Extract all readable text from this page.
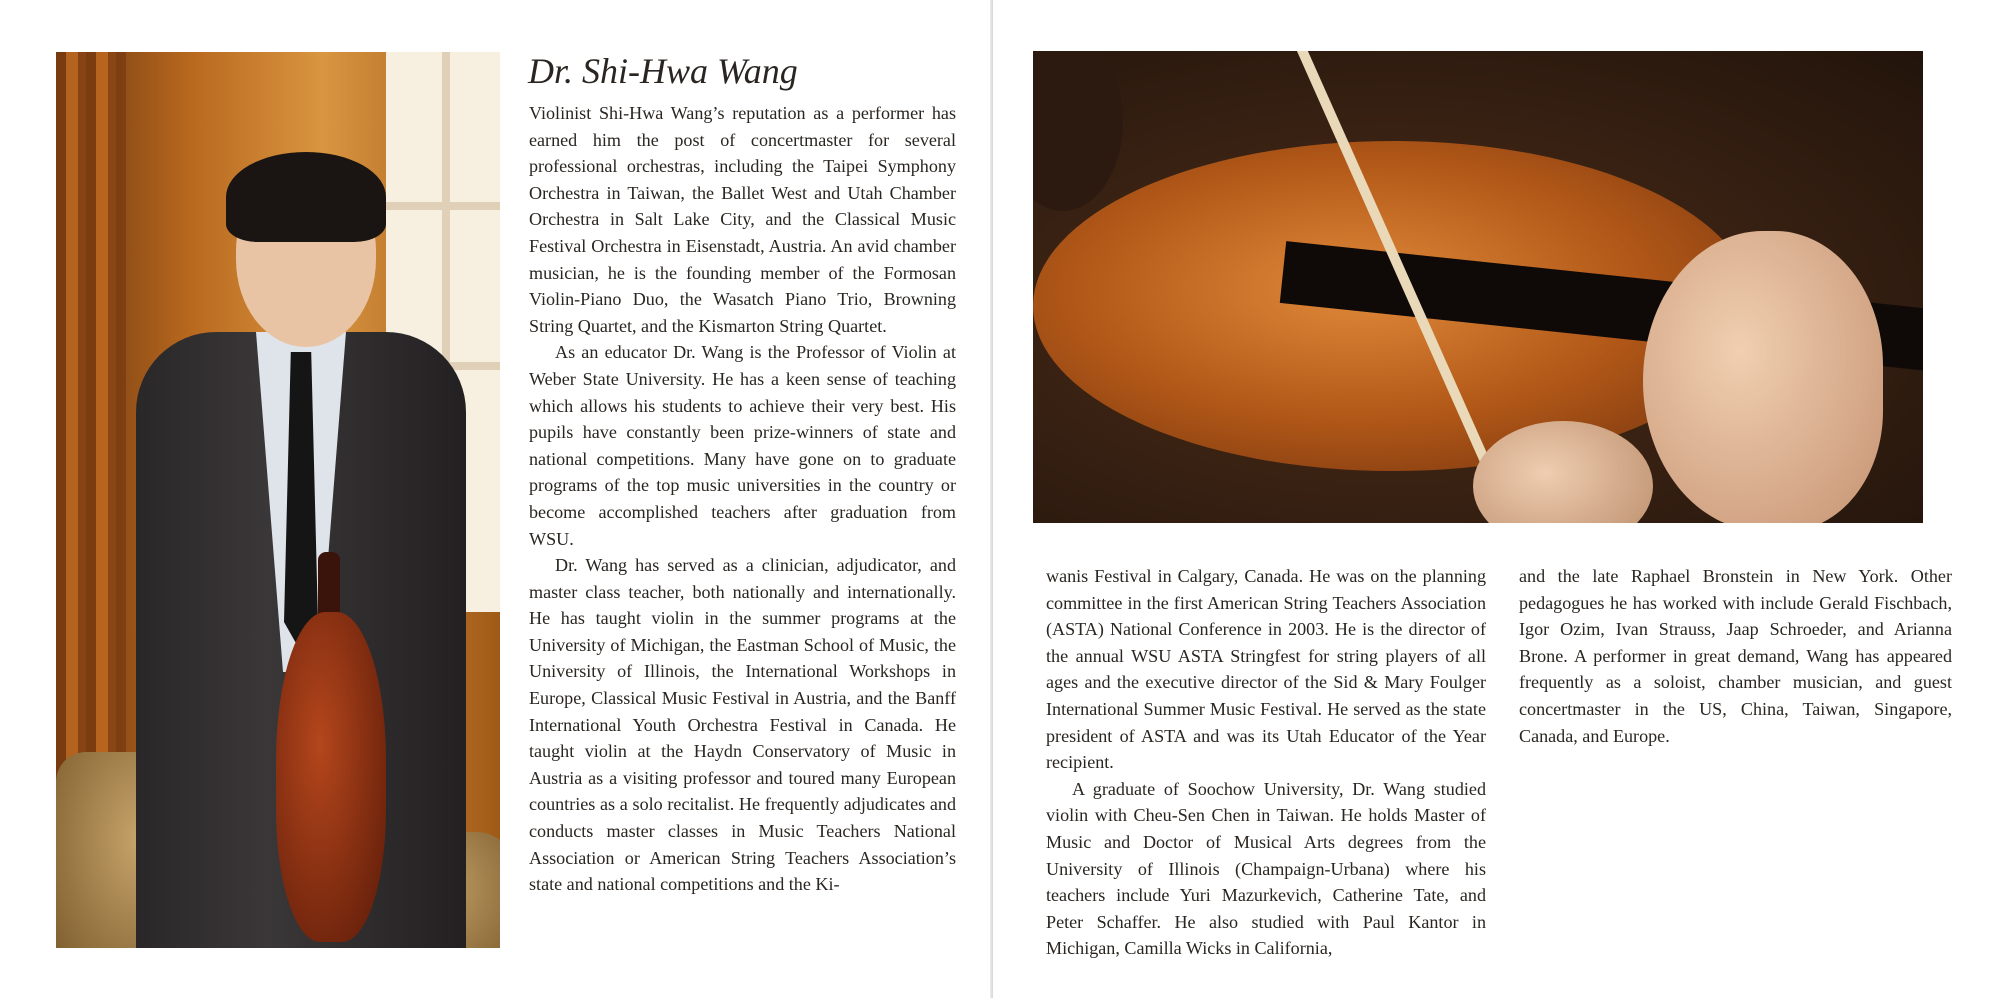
Dr. Shi-Hwa Wang

Violinist Shi-Hwa Wang’s reputation as a performer has earned him the post of concertmaster for several professional orchestras, including the Taipei Symphony Orchestra in Taiwan, the Ballet West and Utah Chamber Orchestra in Salt Lake City, and the Classical Music Festival Orchestra in Eisenstadt, Austria. An avid chamber musician, he is the founding member of the Formosan Violin-Piano Duo, the Wasatch Piano Trio, Browning String Quartet, and the Kismarton String Quartet.

As an educator Dr. Wang is the Professor of Violin at Weber State University. He has a keen sense of teaching which allows his students to achieve their very best. His pupils have constantly been prize-winners of state and national competitions. Many have gone on to graduate programs of the top music universities in the country or become accomplished teachers after graduation from WSU.

Dr. Wang has served as a clinician, adjudicator, and master class teacher, both nationally and internationally. He has taught violin in the summer programs at the University of Michigan, the Eastman School of Music, the University of Illinois, the International Workshops in Europe, Classical Music Festival in Austria, and the Banff International Youth Orchestra Festival in Canada. He taught violin at the Haydn Conservatory of Music in Austria as a visiting professor and toured many European countries as a solo recitalist. He frequently adjudicates and conducts master classes in Music Teachers National Association or American String Teachers Association’s state and national competitions and the Ki-

wanis Festival in Calgary, Canada. He was on the planning committee in the first American String Teachers Association (ASTA) National Conference in 2003. He is the director of the annual WSU ASTA Stringfest for string players of all ages and the executive director of the Sid & Mary Foulger International Summer Music Festival. He served as the state president of ASTA and was its Utah Educator of the Year recipient.

A graduate of Soochow University, Dr. Wang studied violin with Cheu-Sen Chen in Taiwan. He holds Master of Music and Doctor of Musical Arts degrees from the University of Illinois (Champaign-Urbana) where his teachers include Yuri Mazurkevich, Catherine Tate, and Peter Schaffer. He also studied with Paul Kantor in Michigan, Camilla Wicks in California,

and the late Raphael Bronstein in New York. Other pedagogues he has worked with include Gerald Fischbach, Igor Ozim, Ivan Strauss, Jaap Schroeder, and Arianna Brone. A performer in great demand, Wang has appeared frequently as a soloist, chamber musician, and guest concertmaster in the US, China, Taiwan, Singapore, Canada, and Europe.
